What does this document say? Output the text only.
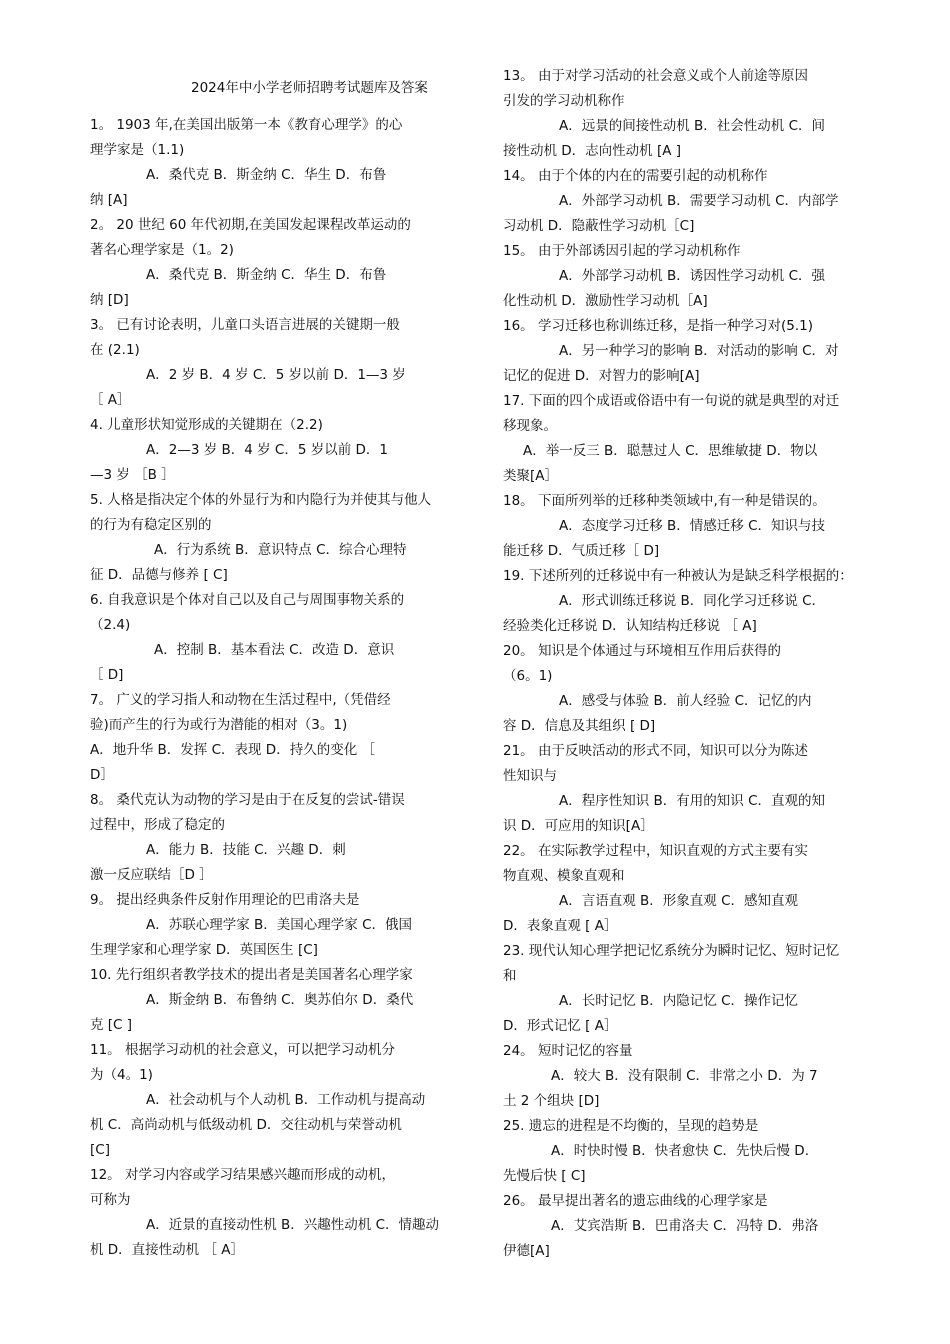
2024年中小学老师招聘考试题库及答案
1。 1903 年,在美国出版第一本《教育心理学》的心
理学家是（1.1)
A．桑代克 B．斯金纳 C．华生 D．布鲁
纳 [A]
2。 20 世纪 60 年代初期,在美国发起课程改革运动的
著名心理学家是（1。2)
A．桑代克 B．斯金纳 C．华生 D．布鲁
纳 [D]
3。 已有讨论表明，儿童口头语言进展的关键期一般
在 (2.1)
A．2 岁 B．4 岁 C．5 岁以前 D．1—3 岁
［ A］
4. 儿童形状知觉形成的关键期在（2.2)
A．2—3 岁 B．4 岁 C．5 岁以前 D．1
—3 岁 ［B ］
5. 人格是指决定个体的外显行为和内隐行为并使其与他人
的行为有稳定区别的
A．行为系统 B．意识特点 C．综合心理特
征 D．品德与修养 [ C]
6. 自我意识是个体对自己以及自己与周围事物关系的
（2.4)
A．控制 B．基本看法 C．改造 D．意识
［ D]
7。 广义的学习指人和动物在生活过程中,（凭借经
验)而产生的行为或行为潜能的相对（3。1)
A．地升华 B．发挥 C．表现 D．持久的变化 ［
D］
8。 桑代克认为动物的学习是由于在反复的尝试-错误
过程中，形成了稳定的
A．能力 B．技能 C．兴趣 D．刺
激一反应联结［D ］
9。 提出经典条件反射作用理论的巴甫洛夫是
A．苏联心理学家 B．美国心理学家 C．俄国
生理学家和心理学家 D．英国医生 [C]
10. 先行组织者教学技术的提出者是美国著名心理学家
A．斯金纳 B．布鲁纳 C．奥苏伯尔 D．桑代
克 [C ]
11。 根据学习动机的社会意义，可以把学习动机分
为（4。1)
A．社会动机与个人动机 B．工作动机与提高动
机 C．高尚动机与低级动机 D．交往动机与荣誉动机
[C]
12。 对学习内容或学习结果感兴趣而形成的动机，
可称为
A．近景的直接动性机 B．兴趣性动机 C．情趣动
机 D．直接性动机 ［ A］
13。 由于对学习活动的社会意义或个人前途等原因
引发的学习动机称作
A．远景的间接性动机 B．社会性动机 C．间
接性动机 D．志向性动机 [A ]
14。 由于个体的内在的需要引起的动机称作
A．外部学习动机 B．需要学习动机 C．内部学
习动机 D．隐蔽性学习动机［C]
15。 由于外部诱因引起的学习动机称作
A．外部学习动机 B．诱因性学习动机 C．强
化性动机 D．激励性学习动机［A]
16。 学习迁移也称训练迁移，是指一种学习对(5.1)
A．另一种学习的影响 B．对活动的影响 C．对
记忆的促进 D．对智力的影响[A]
17. 下面的四个成语或俗语中有一句说的就是典型的对迁
移现象。
A．举一反三 B．聪慧过人 C．思维敏捷 D．物以
类聚[A］
18。 下面所列举的迁移种类领域中,有一种是错误的。
A．态度学习迁移 B．情感迁移 C．知识与技
能迁移 D．气质迁移［ D]
19. 下述所列的迁移说中有一种被认为是缺乏科学根据的：
A．形式训练迁移说 B．同化学习迁移说 C．
经验类化迁移说 D．认知结构迁移说 ［ A]
20。 知识是个体通过与环境相互作用后获得的
（6。1)
A．感受与体验 B．前人经验 C．记忆的内
容 D．信息及其组织 [ D]
21。 由于反映活动的形式不同，知识可以分为陈述
性知识与
A．程序性知识 B．有用的知识 C．直观的知
识 D．可应用的知识[A］
22。 在实际教学过程中，知识直观的方式主要有实
物直观、模象直观和
A．言语直观 B．形象直观 C．感知直观
D．表象直观 [ A］
23. 现代认知心理学把记忆系统分为瞬时记忆、短时记忆
和
A．长时记忆 B．内隐记忆 C．操作记忆
D．形式记忆 [ A］
24。 短时记忆的容量
A．较大 B．没有限制 C．非常之小 D．为 7
土 2 个组块 [D]
25. 遗忘的进程是不均衡的，呈现的趋势是
A．时快时慢 B．快者愈快 C．先快后慢 D.
先慢后快 [ C]
26。 最早提出著名的遗忘曲线的心理学家是
A．艾宾浩斯 B．巴甫洛夫 C．冯特 D．弗洛
伊德[A]
